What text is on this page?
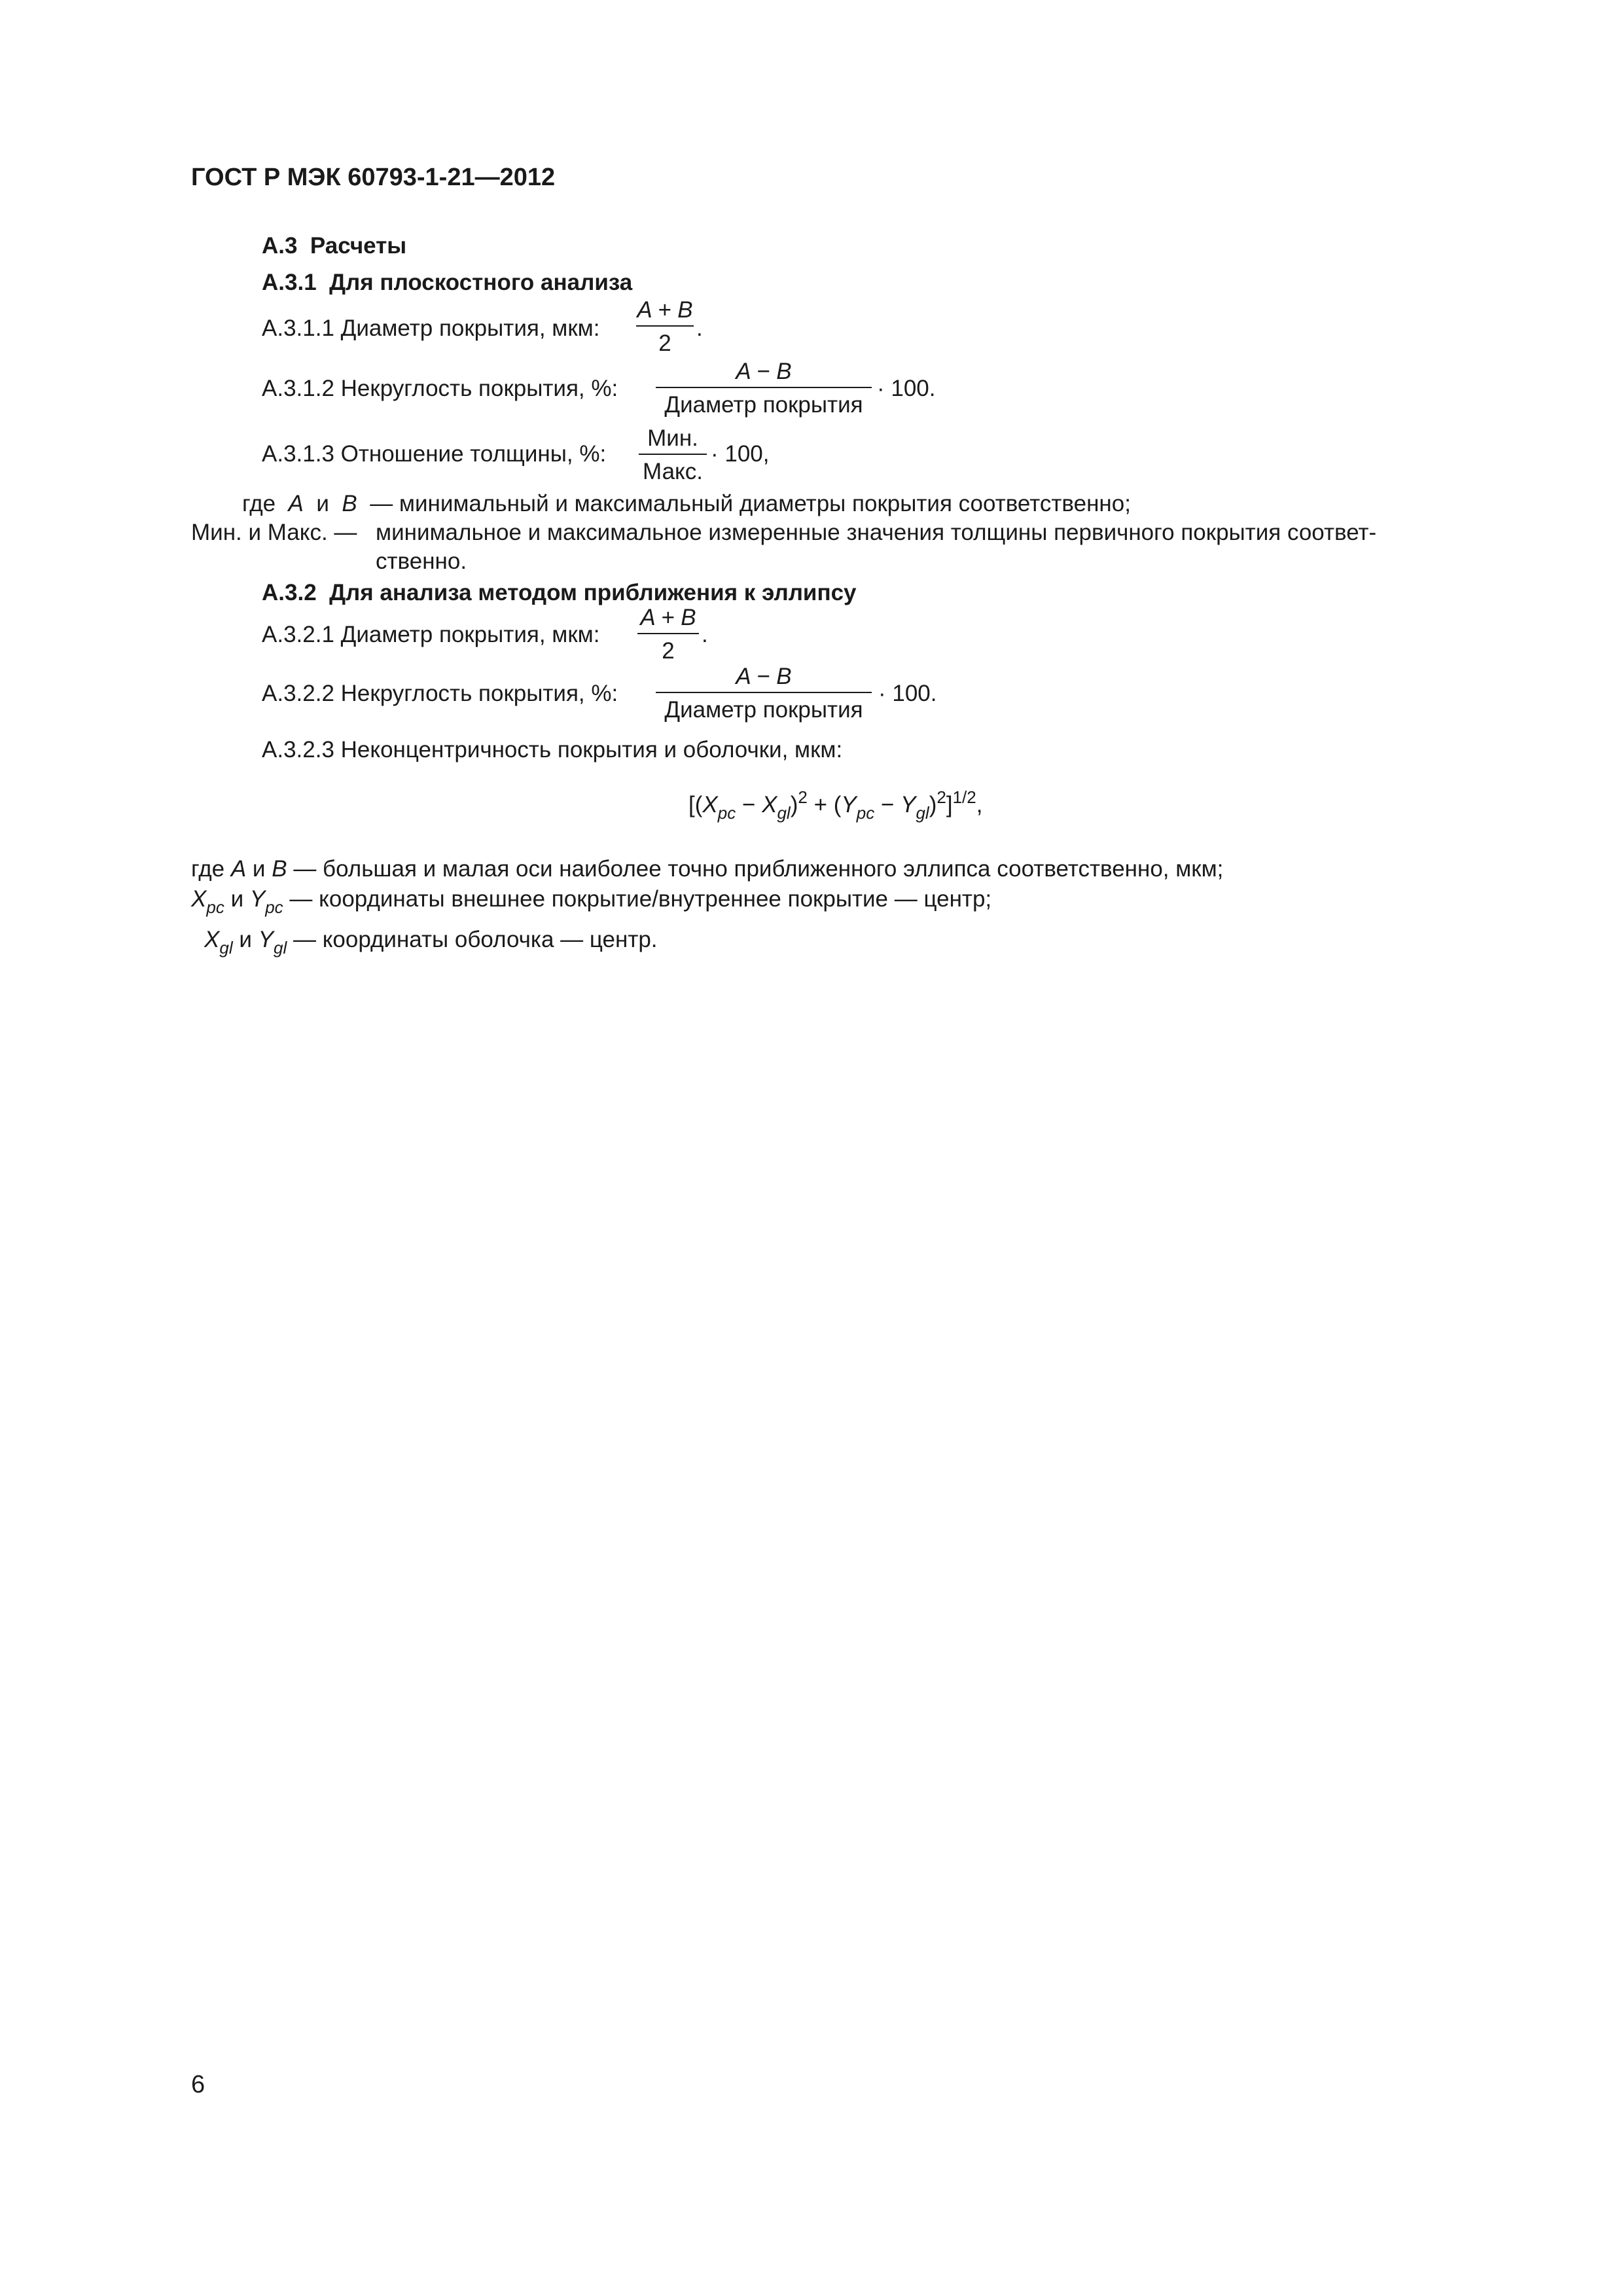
ГОСТ Р МЭК 60793-1-21—2012
А.3 Расчеты
А.3.1 Для плоскостного анализа
А.3.1.1 Диаметр покрытия, мкм:
A + B
2
.
А.3.1.2 Некруглость покрытия, %:
A − B
Диаметр покрытия
· 100.
А.3.1.3 Отношение толщины, %:
Мин.
Макс.
· 100,
где A и B — минимальный и максимальный диаметры покрытия соответственно;
Мин. и Макс. — минимальное и максимальное измеренные значения толщины первичного покрытия соответ-
ственно.
А.3.2 Для анализа методом приближения к эллипсу
А.3.2.1 Диаметр покрытия, мкм:
A + B
2
.
А.3.2.2 Некруглость покрытия, %:
A − B
Диаметр покрытия
· 100.
А.3.2.3 Неконцентричность покрытия и оболочки, мкм:
$[(X_{pc} - X_{gl})^2 + (Y_{pc} - Y_{gl})^2]^{1/2}$,
где A и B — большая и малая оси наиболее точно приближенного эллипса соответственно, мкм;
$X_{pc}$ и $Y_{pc}$ — координаты внешнее покрытие/внутреннее покрытие — центр;
$X_{gl}$ и $Y_{gl}$ — координаты оболочка — центр.
6
